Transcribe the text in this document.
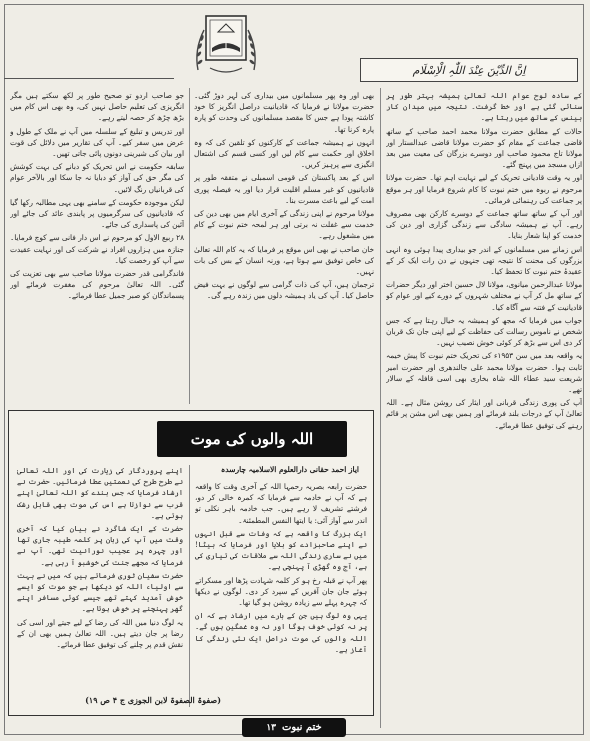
اِنَّ الدِّیْنَ عِنْدَ اللّٰہِ الْاِسْلَام

کے سادہ لوح عوام اللہ تعالیٰ ہمیشہ بہتر طور پر سنائی گئی ہے اور خط گرفت۔ نتیجہ میں میدان کار بینس کے ساتھ میں رہتا ہے۔

حالات کے مطابق حضرت مولانا محمد احمد صاحب کے ساتھ قاضی جماعت کے مقام کو حضرت مولانا قاضی عبدالستار اور مولانا تاج محمود صاحب اور دوسرے بزرگان کی معیت میں بعد ازاں مسجد میں پہنچ گئے۔

اور یہ وقت قادیانی تحریک کے لیے نہایت اہم تھا۔ حضرت مولانا مرحوم نے ربوہ میں ختم نبوت کا کام شروع فرمایا اور ہر موقع پر جماعت کی رہنمائی فرمائی۔

اور آپ کے ساتھ ساتھ جماعت کے دوسرے کارکن بھی مصروف رہے۔ آپ نے ہمیشہ سادگی سے زندگی گزاری اور دین کی خدمت کو اپنا شعار بنایا۔

اس زمانے میں مسلمانوں کے اندر جو بیداری پیدا ہوئی وہ انہی بزرگوں کی محنت کا نتیجہ تھی جنہوں نے دن رات ایک کر کے عقیدۂ ختم نبوت کا تحفظ کیا۔

مولانا عبدالرحمن میانوی، مولانا لال حسین اختر اور دیگر حضرات کے ساتھ مل کر آپ نے مختلف شہروں کے دورے کیے اور عوام کو قادیانیت کے فتنہ سے آگاہ کیا۔

جواب میں فرمایا کہ مجھ کو ہمیشہ یہ خیال رہتا ہے کہ جس شخص نے ناموس رسالت کی حفاظت کے لیے اپنی جان تک قربان کر دی اس سے بڑھ کر کوئی خوش نصیب نہیں۔

یہ واقعہ بعد میں سن ۱۹۵۳ء کی تحریک ختم نبوت کا پیش خیمہ ثابت ہوا۔ حضرت مولانا محمد علی جالندھری اور حضرت امیر شریعت سید عطاء اللہ شاہ بخاری بھی اسی قافلہ کے سالار تھے۔

آپ کی پوری زندگی قربانی اور ایثار کی روشن مثال ہے۔ اللہ تعالیٰ آپ کے درجات بلند فرمائے اور ہمیں بھی اس مشن پر قائم رہنے کی توفیق عطا فرمائے۔

بھی اور وہ پھر مسلمانوں میں بیداری کی لہر دوڑ گئی۔ حضرت مولانا نے فرمایا کہ قادیانیت دراصل انگریز کا خود کاشتہ پودا ہے جس کا مقصد مسلمانوں کی وحدت کو پارہ پارہ کرنا تھا۔

انہوں نے ہمیشہ جماعت کے کارکنوں کو تلقین کی کہ وہ اخلاق اور حکمت سے کام لیں اور کسی قسم کی اشتعال انگیزی سے پرہیز کریں۔

اس کے بعد پاکستان کی قومی اسمبلی نے متفقہ طور پر قادیانیوں کو غیر مسلم اقلیت قرار دیا اور یہ فیصلہ پوری امت کے لیے باعث مسرت بنا۔

مولانا مرحوم نے اپنی زندگی کے آخری ایام میں بھی دین کی خدمت سے غفلت نہ برتی اور ہر لمحہ ختم نبوت کے کام میں مشغول رہے۔

خان صاحب نے بھی اس موقع پر فرمایا کہ یہ کام اللہ تعالیٰ کی خاص توفیق سے ہوتا ہے، ورنہ انسان کے بس کی بات نہیں۔

ترجمان ہیں، آپ کی ذات گرامی سے لوگوں نے بہت فیض حاصل کیا۔ آپ کی یاد ہمیشہ دلوں میں زندہ رہے گی۔

جو صاحب اردو تو صحیح طور پر لکھ سکتے ہیں مگر انگریزی کی تعلیم حاصل نہیں کی، وہ بھی اس کام میں بڑھ چڑھ کر حصہ لیتے رہے۔

اور تدریس و تبلیغ کے سلسلہ میں آپ نے ملک کے طول و عرض میں سفر کیے۔ آپ کی تقاریر میں دلائل کی قوت اور بیان کی شیرینی دونوں پائی جاتی تھیں۔

سابقہ حکومت نے اس تحریک کو دبانے کی بہت کوشش کی مگر حق کی آواز کو دبایا نہ جا سکا اور بالآخر عوام کی قربانیاں رنگ لائیں۔

لیکن موجودہ حکومت کے سامنے بھی یہی مطالبہ رکھا گیا کہ قادیانیوں کی سرگرمیوں پر پابندی عائد کی جائے اور آئین کی پاسداری کی جائے۔

۲۸ ربیع الاول کو مرحوم نے اس دار فانی سے کوچ فرمایا۔ جنازہ میں ہزاروں افراد نے شرکت کی اور نہایت عقیدت سے آپ کو رخصت کیا۔

فاندگرامی قدر حضرت مولانا صاحب سے بھی تعزیت کی گئی۔ اللہ تعالیٰ مرحوم کی مغفرت فرمائے اور پسماندگان کو صبر جمیل عطا فرمائے۔

اللہ والوں کی موت
ایاز احمد حقانی دارالعلوم الاسلامیہ چارسدہ

حضرت رابعہ بصریہ رحمہا اللہ کے آخری وقت کا واقعہ ہے کہ آپ نے خادمہ سے فرمایا کہ کمرہ خالی کر دو، فرشتے تشریف لا رہے ہیں۔ جب خادمہ باہر نکلی تو اندر سے آواز آئی: یا ایتھا النفس المطمئنۃ۔

ایک بزرگ کا واقعہ ہے کہ وفات سے قبل انہوں نے اپنے صاحبزادے کو بلایا اور فرمایا کہ بیٹا! میں نے ساری زندگی اللہ سے ملاقات کی تیاری کی ہے، آج وہ گھڑی آ پہنچی ہے۔

پھر آپ نے قبلہ رخ ہو کر کلمہ شہادت پڑھا اور مسکراتے ہوئے جان جان آفریں کے سپرد کر دی۔ لوگوں نے دیکھا کہ چہرہ پہلے سے زیادہ روشن ہو گیا تھا۔

یہی وہ لوگ ہیں جن کے بارے میں ارشاد ہے کہ ان پر نہ کوئی خوف ہوگا اور نہ وہ غمگین ہوں گے۔ اللہ والوں کی موت دراصل ایک نئی زندگی کا آغاز ہے۔

اپنے پروردگار کی زیارت کی اور اللہ تعالیٰ نے طرح طرح کی نعمتیں عطا فرمائیں۔ حضرت نے ارشاد فرمایا کہ جس بندے کو اللہ تعالیٰ اپنے قرب سے نوازتا ہے اس کی موت بھی قابل رشک ہوتی ہے۔

حضرت کے ایک شاگرد نے بیان کیا کہ آخری وقت میں آپ کی زبان پر کلمہ طیبہ جاری تھا اور چہرہ پر عجیب نورانیت تھی۔ آپ نے فرمایا کہ مجھے جنت کی خوشبو آ رہی ہے۔

حضرت سفیان ثوری فرماتے ہیں کہ میں نے بہت سے اولیاء اللہ کو دیکھا ہے جو موت کو ایسے خوش آمدید کہتے تھے جیسے کوئی مسافر اپنے گھر پہنچنے پر خوش ہوتا ہے۔

یہ لوگ دنیا میں اللہ کی رضا کے لیے جیتے اور اسی کی رضا پر جان دیتے ہیں۔ اللہ تعالیٰ ہمیں بھی ان کے نقش قدم پر چلنے کی توفیق عطا فرمائے۔

(صفوۃ الصفوۃ لابن الجوزی ج ۴ ص ۱۹)
ختم نبوت
۱۳
